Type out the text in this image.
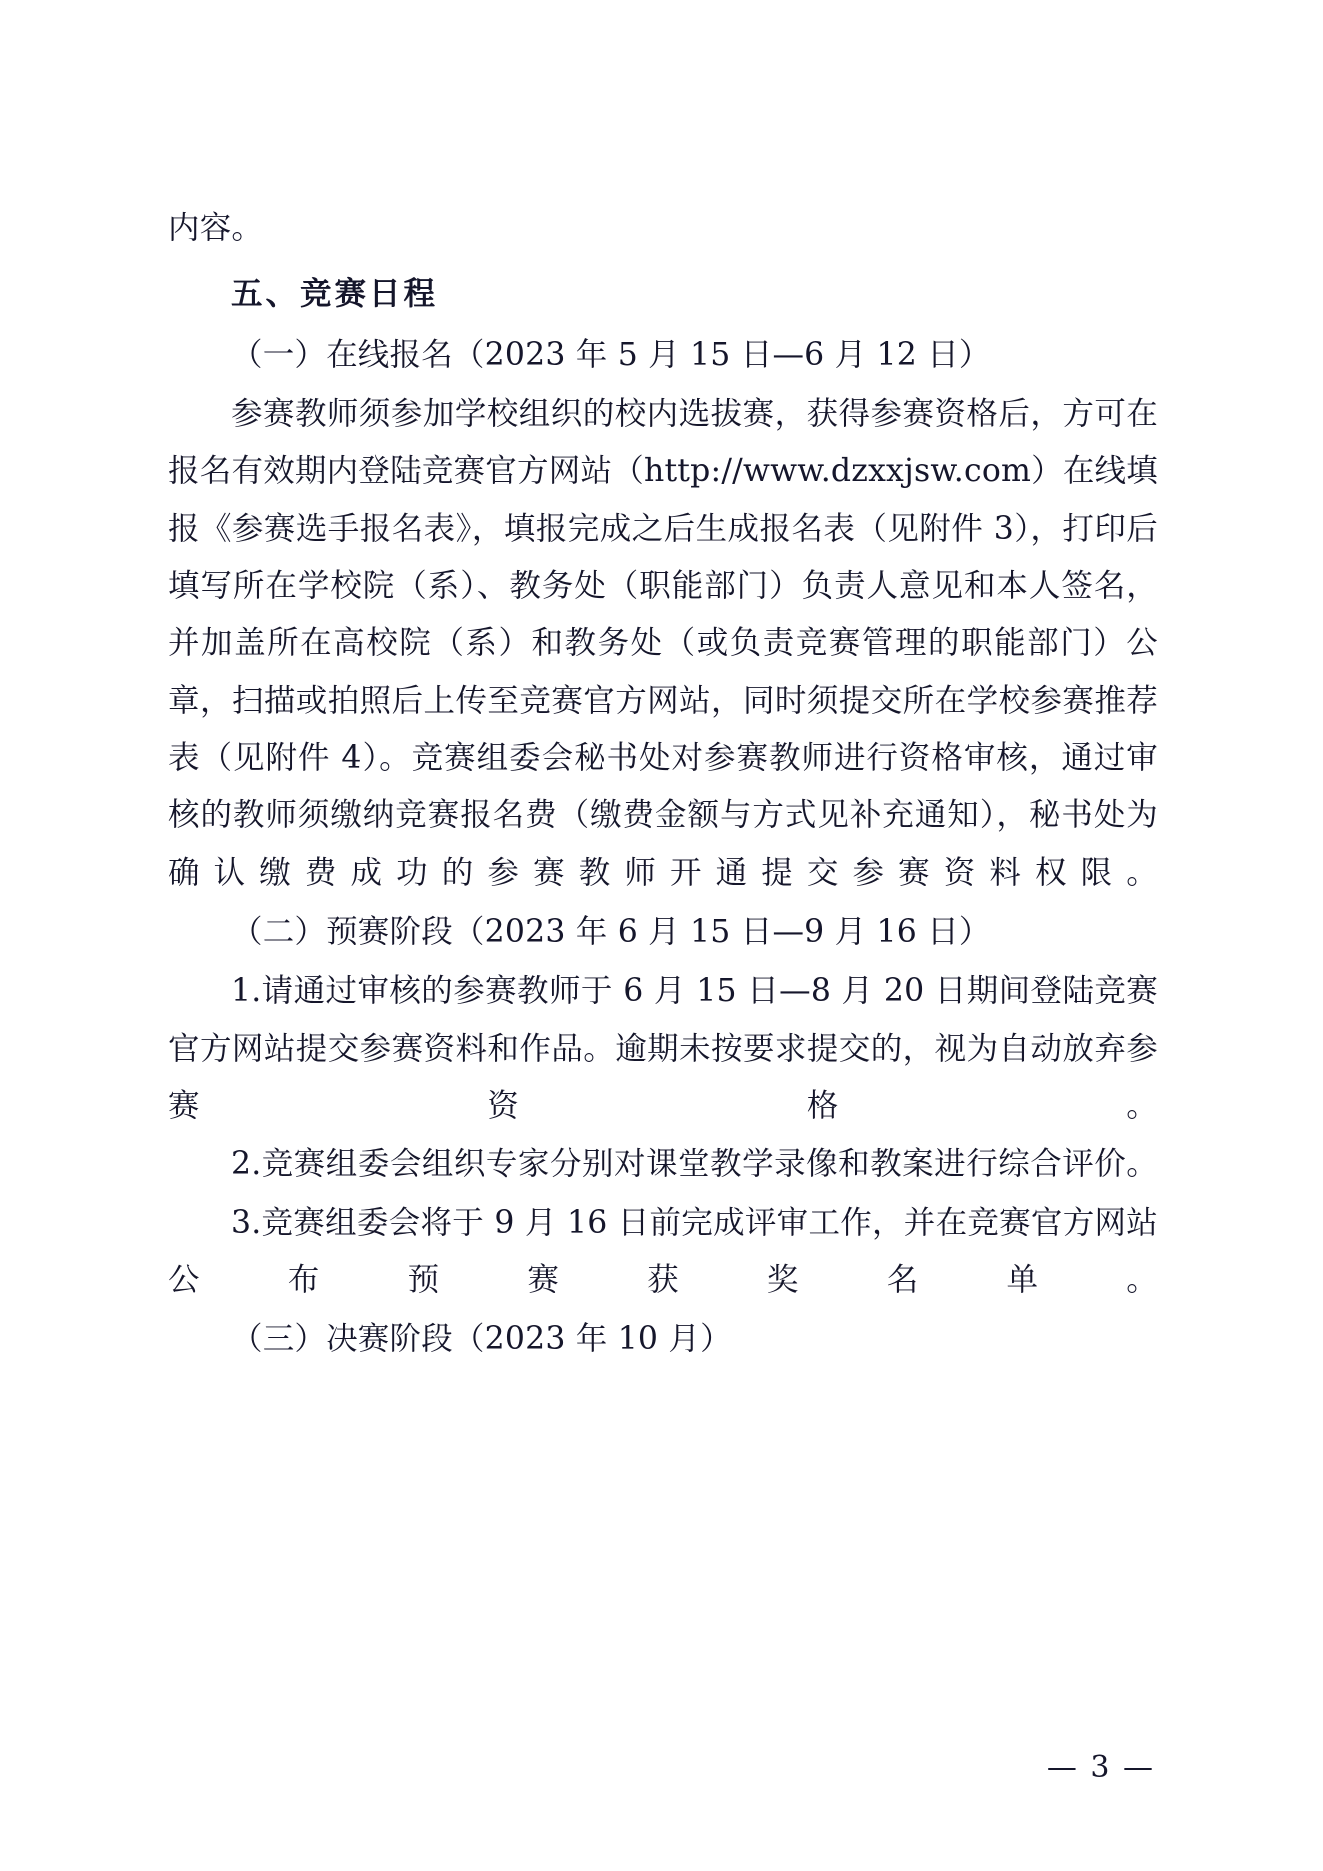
内容。

五、竞赛日程

（一）在线报名（2023 年 5 月 15 日—6 月 12 日）

参赛教师须参加学校组织的校内选拔赛，获得参赛资格后，方可在报名有效期内登陆竞赛官方网站（http://www.dzxxjsw.com）在线填报《参赛选手报名表》，填报完成之后生成报名表（见附件 3），打印后填写所在学校院（系）、教务处（职能部门）负责人意见和本人签名，并加盖所在高校院（系）和教务处（或负责竞赛管理的职能部门）公章，扫描或拍照后上传至竞赛官方网站，同时须提交所在学校参赛推荐表（见附件 4）。竞赛组委会秘书处对参赛教师进行资格审核，通过审核的教师须缴纳竞赛报名费（缴费金额与方式见补充通知），秘书处为确认缴费成功的参赛教师开通提交参赛资料权限。

（二）预赛阶段（2023 年 6 月 15 日—9 月 16 日）

1.请通过审核的参赛教师于 6 月 15 日—8 月 20 日期间登陆竞赛官方网站提交参赛资料和作品。逾期未按要求提交的，视为自动放弃参赛资格。

2.竞赛组委会组织专家分别对课堂教学录像和教案进行综合评价。

3.竞赛组委会将于 9 月 16 日前完成评审工作，并在竞赛官方网站公布预赛获奖名单。

（三）决赛阶段（2023 年 10 月）

— 3 —
